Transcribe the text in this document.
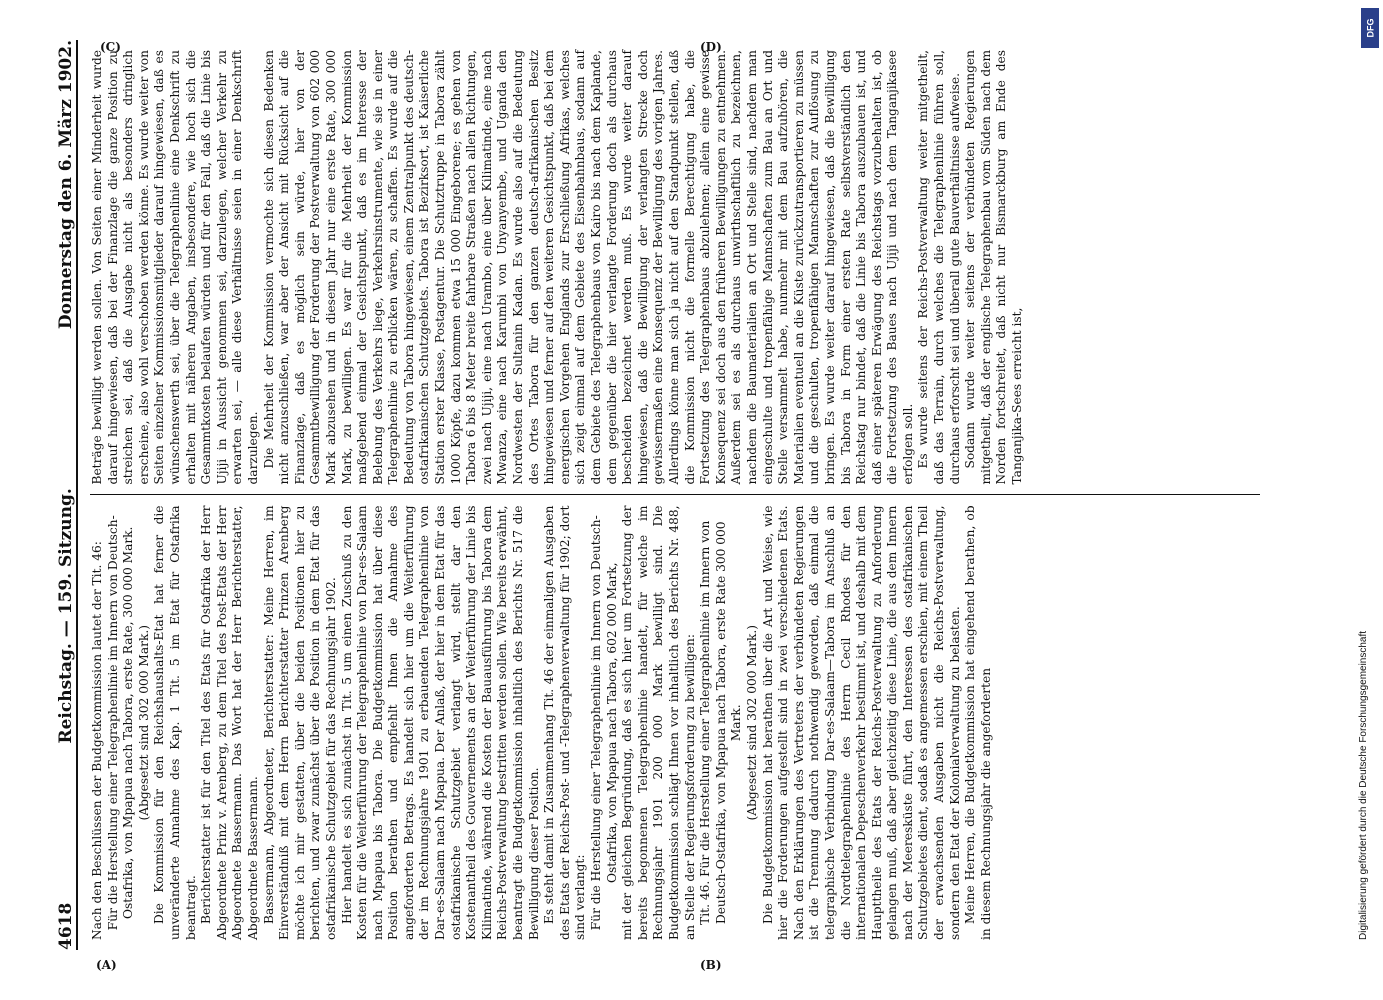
4618
Reichstag. — 159. Sitzung.
Donnerstag den 6. März 1902.

Nach den Beschlüssen der Budgetkommission lautet der Tit. 46: Für die Herstellung einer Telegraphenlinie im Innern von Deutsch-Ostafrika, von Mpapua nach Tabora, erste Rate, 300 000 Mark. (Abgesetzt sind 302 000 Mark.) Die Kommission für den Reichshaushalts-Etat hat ferner die unveränderte Annahme des Kap. 1 Tit. 5 im Etat für Ostafrika beantragt. Berichterstatter ist für den Titel des Etats für Ostafrika der Herr Abgeordnete Prinz v. Arenberg, zu dem Titel des Post-Etats der Herr Abgeordnete Bassermann. Das Wort hat der Herr Berichterstatter, Abgeordnete Bassermann. Bassermann, Abgeordneter, Berichterstatter: Meine Herren, im Einverständniß mit dem Herrn Berichterstatter Prinzen Arenberg möchte ich mir gestatten, über die beiden Positionen hier zu berichten, und zwar zunächst über die Position in dem Etat für das ostafrikanische Schutzgebiet für das Rechnungsjahr 1902. Hier handelt es sich zunächst in Tit. 5 um einen Zuschuß zu den Kosten für die Weiterführung der Telegraphenlinie von Dar-es-Salaam nach Mpapua bis Tabora. Die Budgetkommission hat über diese Position berathen und empfiehlt Ihnen die Annahme des angeforderten Betrags. Es handelt sich hier um die Weiterführung der im Rechnungsjahre 1901 zu erbauenden Telegraphenlinie von Dar-es-Salaam nach Mpapua. Der Anlaß, der hier in dem Etat für das ostafrikanische Schutzgebiet verlangt wird, stellt dar den Kostenantheil des Gouvernements an der Weiterführung der Linie bis Kilimatinde, während die Kosten der Bauausführung bis Tabora dem Reichs-Postverwaltung bestritten werden sollen. Wie bereits erwähnt, beantragt die Budgetkommission inhaltlich des Berichts Nr. 517 die Bewilligung dieser Position. Es steht damit in Zusammenhang Tit. 46 der einmaligen Ausgaben des Etats der Reichs-Post- und -Telegraphenverwaltung für 1902; dort sind verlangt: Für die Herstellung einer Telegraphenlinie im Innern von Deutsch-Ostafrika, von Mpapua nach Tabora, 602 000 Mark, mit der gleichen Begründung, daß es sich hier um Fortsetzung der bereits begonnenen Telegraphenlinie handelt, für welche im Rechnungsjahr 1901 200 000 Mark bewilligt sind. Die Budgetkommission schlägt Ihnen vor inhaltlich des Berichts Nr. 488, an Stelle der Regierungsforderung zu bewilligen: Tit. 46. Für die Herstellung einer Telegraphenlinie im Innern von Deutsch-Ostafrika, von Mpapua nach Tabora, erste Rate 300 000 Mark. (Abgesetzt sind 302 000 Mark.) Die Budgetkommission hat berathen über die Art und Weise, wie hier die Forderungen aufgestellt sind in zwei verschiedenen Etats. Nach den Erklärungen des Vertreters der verbündeten Regierungen ist die Trennung dadurch nothwendig geworden, daß einmal die telegraphische Verbindung Dar-es-Salaam—Tabora im Anschluß an die Nordtelegraphenlinie des Herrn Cecil Rhodes für den internationalen Depeschenverkehr bestimmt ist, und deshalb mit dem Haupttheile des Etats der Reichs-Postverwaltung zu Anforderung gelangen muß, daß aber gleichzeitig diese Linie, die aus dem Innern nach der Meeresküste führt, den Interessen des ostafrikanischen Schutzgebietes dient, sodaß es angemessen erschien, mit einem Theil der erwachsenden Ausgaben nicht die Reichs-Postverwaltung, sondern den Etat der Kolonialverwaltung zu belasten. Meine Herren, die Budgetkommission hat eingehend berathen, ob in diesem Rechnungsjahr die angeforderten

Beträge bewilligt werden sollen. Von Seiten einer Minderheit wurde darauf hingewiesen, daß bei der Finanzlage die ganze Position zu streichen sei, daß die Ausgabe nicht als besonders dringlich erscheine, also wohl verschoben werden könne. Es wurde weiter von Seiten einzelner Kommissionsmitglieder darauf hingewiesen, daß es wünschenswerth sei, über die Telegraphenlinie eine Denkschrift zu erhalten mit näheren Angaben, insbesondere, wie hoch sich die Gesammtkosten belaufen würden und für den Fall, daß die Linie bis Ujiji in Aussicht genommen sei, darzulegen, welcher Verkehr zu erwarten sei, — alle diese Verhältnisse seien in einer Denkschrift darzulegen. Die Mehrheit der Kommission vermochte sich diesen Bedenken nicht anzuschließen, war aber der Ansicht mit Rücksicht auf die Finanzlage, daß es möglich sein würde, hier von der Gesammtbewilligung der Forderung der Postverwaltung von 602 000 Mark abzusehen und in diesem Jahr nur eine erste Rate, 300 000 Mark, zu bewilligen. Es war für die Mehrheit der Kommission maßgebend einmal der Gesichtspunkt, daß es im Interesse der Belebung des Verkehrs liege, Verkehrsinstrumente, wie sie in einer Telegraphenlinie zu erblicken wären, zu schaffen. Es wurde auf die Bedeutung von Tabora hingewiesen, einem Zentralpunkt des deutsch-ostafrikanischen Schutzgebiets. Tabora ist Bezirksort, ist Kaiserliche Station erster Klasse, Postagentur. Die Schutztruppe in Tabora zählt 1000 Köpfe, dazu kommen etwa 15 000 Eingeborene; es gehen von Tabora 6 bis 8 Meter breite fahrbare Straßen nach allen Richtungen, zwei nach Ujiji, eine nach Urambo, eine über Kilimatinde, eine nach Mwanza, eine nach Karumbi von Unyanyembe, und Uganda den Nordwesten der Sultanin Kadan. Es wurde also auf die Bedeutung des Ortes Tabora für den ganzen deutsch-afrikanischen Besitz hingewiesen und ferner auf den weiteren Gesichtspunkt, daß bei dem energischen Vorgehen Englands zur Erschließung Afrikas, welches sich zeigt einmal auf dem Gebiete des Eisenbahnbaus, sodann auf dem Gebiete des Telegraphenbaus von Kairo bis nach dem Kaplande, dem gegenüber die hier verlangte Forderung doch als durchaus bescheiden bezeichnet werden muß. Es wurde weiter darauf hingewiesen, daß die Bewilligung der verlangten Strecke doch gewissermaßen eine Konsequenz der Bewilligung des vorigen Jahres. Allerdings könne man sich ja nicht auf den Standpunkt stellen, daß die Kommission nicht die formelle Berechtigung habe, die Fortsetzung des Telegraphenbaus abzulehnen; allein eine gewisse Konsequenz sei doch aus den früheren Bewilligungen zu entnehmen. Außerdem sei es als durchaus unwirthschaftlich zu bezeichnen, nachdem die Baumaterialien an Ort und Stelle sind, nachdem man eingeschulte und tropenfähige Mannschaften zum Bau an Ort und Stelle versammelt habe, nunmehr mit dem Bau aufzuhören, die Materialien eventuell an die Küste zurückzutransportieren zu müssen und die geschulten, tropenfähigen Mannschaften zur Auflösung zu bringen. Es wurde weiter darauf hingewiesen, daß die Bewilligung bis Tabora in Form einer ersten Rate selbstverständlich den Reichstag nur bindet, daß die Linie bis Tabora auszubauen ist, und daß einer späteren Erwägung des Reichstags vorzubehalten ist, ob die Fortsetzung des Baues nach Ujiji und nach dem Tanganjikasee erfolgen soll. Es wurde seitens der Reichs-Postverwaltung weiter mitgetheilt, daß das Terrain, durch welches die Telegraphenlinie führen soll, durchaus erforscht sei und überall gute Bauverhältnisse aufweise. Sodann wurde weiter seitens der verbündeten Regierungen mitgetheilt, daß der englische Telegraphenbau vom Süden nach dem Norden fortschreitet, daß nicht nur Bismarckburg am Ende des Tanganjika-Sees erreicht ist,

(A)	(B)
(C)	(D)
DFG
Digitalisierung gefördert durch die Deutsche Forschungsgemeinschaft
